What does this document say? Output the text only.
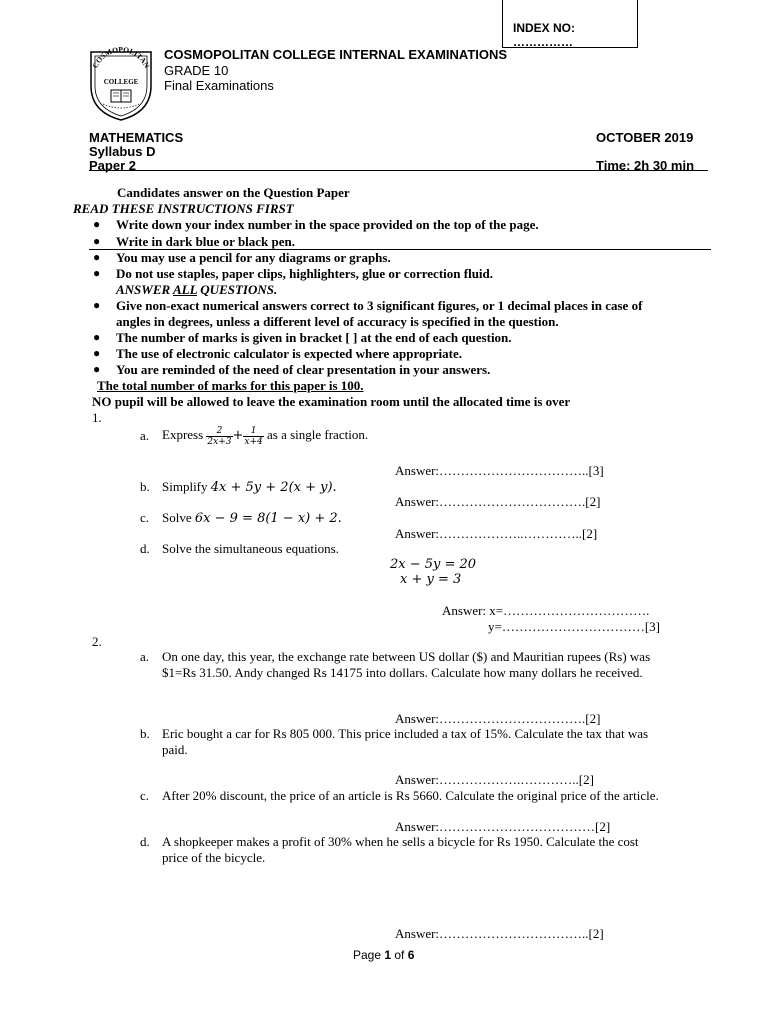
INDEX NO: ……………
COSMOPOLITAN
COLLEGE
COSMOPOLITAN COLLEGE INTERNAL EXAMINATIONS
GRADE 10
Final Examinations
MATHEMATICS
Syllabus D
Paper 2
OCTOBER 2019
Time: 2h 30 min
Candidates answer on the Question Paper
READ THESE INSTRUCTIONS FIRST
● Write down your index number in the space provided on the top of the page.
● Write in dark blue or black pen.
● You may use a pencil for any diagrams or graphs.
● Do not use staples, paper clips, highlighters, glue or correction fluid.
ANSWER ALL QUESTIONS.
● Give non-exact numerical answers correct to 3 significant figures, or 1 decimal places in case of
angles in degrees, unless a different level of accuracy is specified in the question.
● The number of marks is given in bracket [ ] at the end of each question.
● The use of electronic calculator is expected where appropriate.
● You are reminded of the need of clear presentation in your answers.
The total number of marks for this paper is 100.
NO pupil will be allowed to leave the examination room until the allocated time is over
1.
a. Express $\frac{2}{2x+3} + \frac{1}{x+4}$ as a single fraction.
Answer:……………………………..[3]
b. Simplify 4x + 5y + 2(x + y).
Answer:…………………………….[2]
c. Solve 6x − 9 = 8(1 − x) + 2.
Answer:………………..…………..[2]
d. Solve the simultaneous equations.
2x − 5y = 20
x + y = 3
Answer: x=…………………………….
y=……………………………[3]
2.
a. On one day, this year, the exchange rate between US dollar ($) and Mauritian rupees (Rs) was
$1=Rs 31.50. Andy changed Rs 14175 into dollars. Calculate how many dollars he received.
Answer:…………………………….[2]
b. Eric bought a car for Rs 805 000. This price included a tax of 15%. Calculate the tax that was
paid.
Answer:……………….…………..[2]
c. After 20% discount, the price of an article is Rs 5660. Calculate the original price of the article.
Answer:………………………………[2]
d. A shopkeeper makes a profit of 30% when he sells a bicycle for Rs 1950. Calculate the cost
price of the bicycle.
Answer:……………………………..[2]
Page 1 of 6
